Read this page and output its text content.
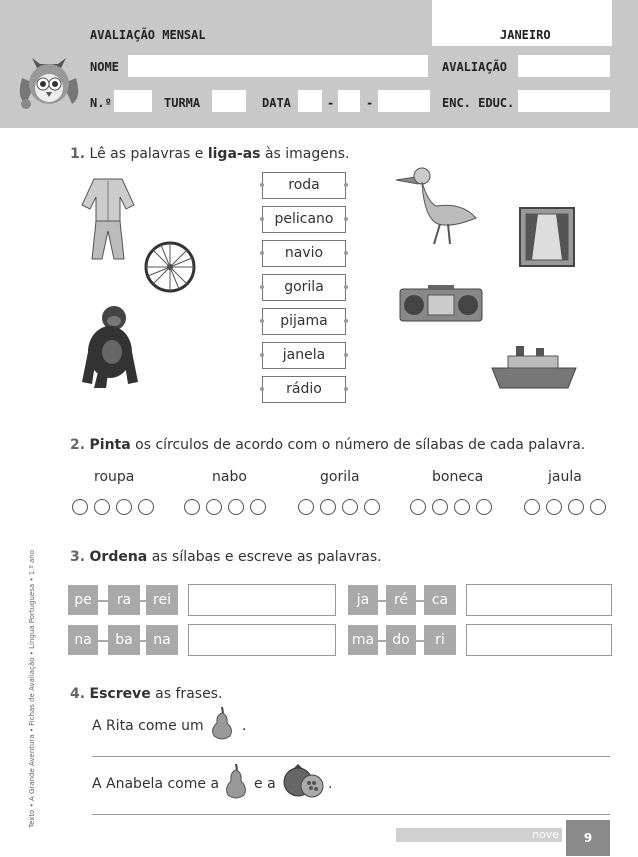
AVALIAÇÃO MENSAL	JANEIRO
NOME	AVALIAÇÃO
N.º	TURMA	DATA	-	-	ENC. EDUC.
1. Lê as palavras e liga-as às imagens.
roda
pelicano
navio
gorila
pijama
janela
rádio
2. Pinta os círculos de acordo com o número de sílabas de cada palavra.
roupa	nabo	gorila	boneca	jaula
3. Ordena as sílabas e escreve as palavras.
pe	ra	rei	ja	ré	ca
na	ba	na	ma	do	ri
4. Escreve as frases.
A Rita come um	.
A Anabela come a e a	.
Texto • A Grande Aventura • Fichas de Avaliação • Língua Portuguesa • 1.º ano
nove	9
